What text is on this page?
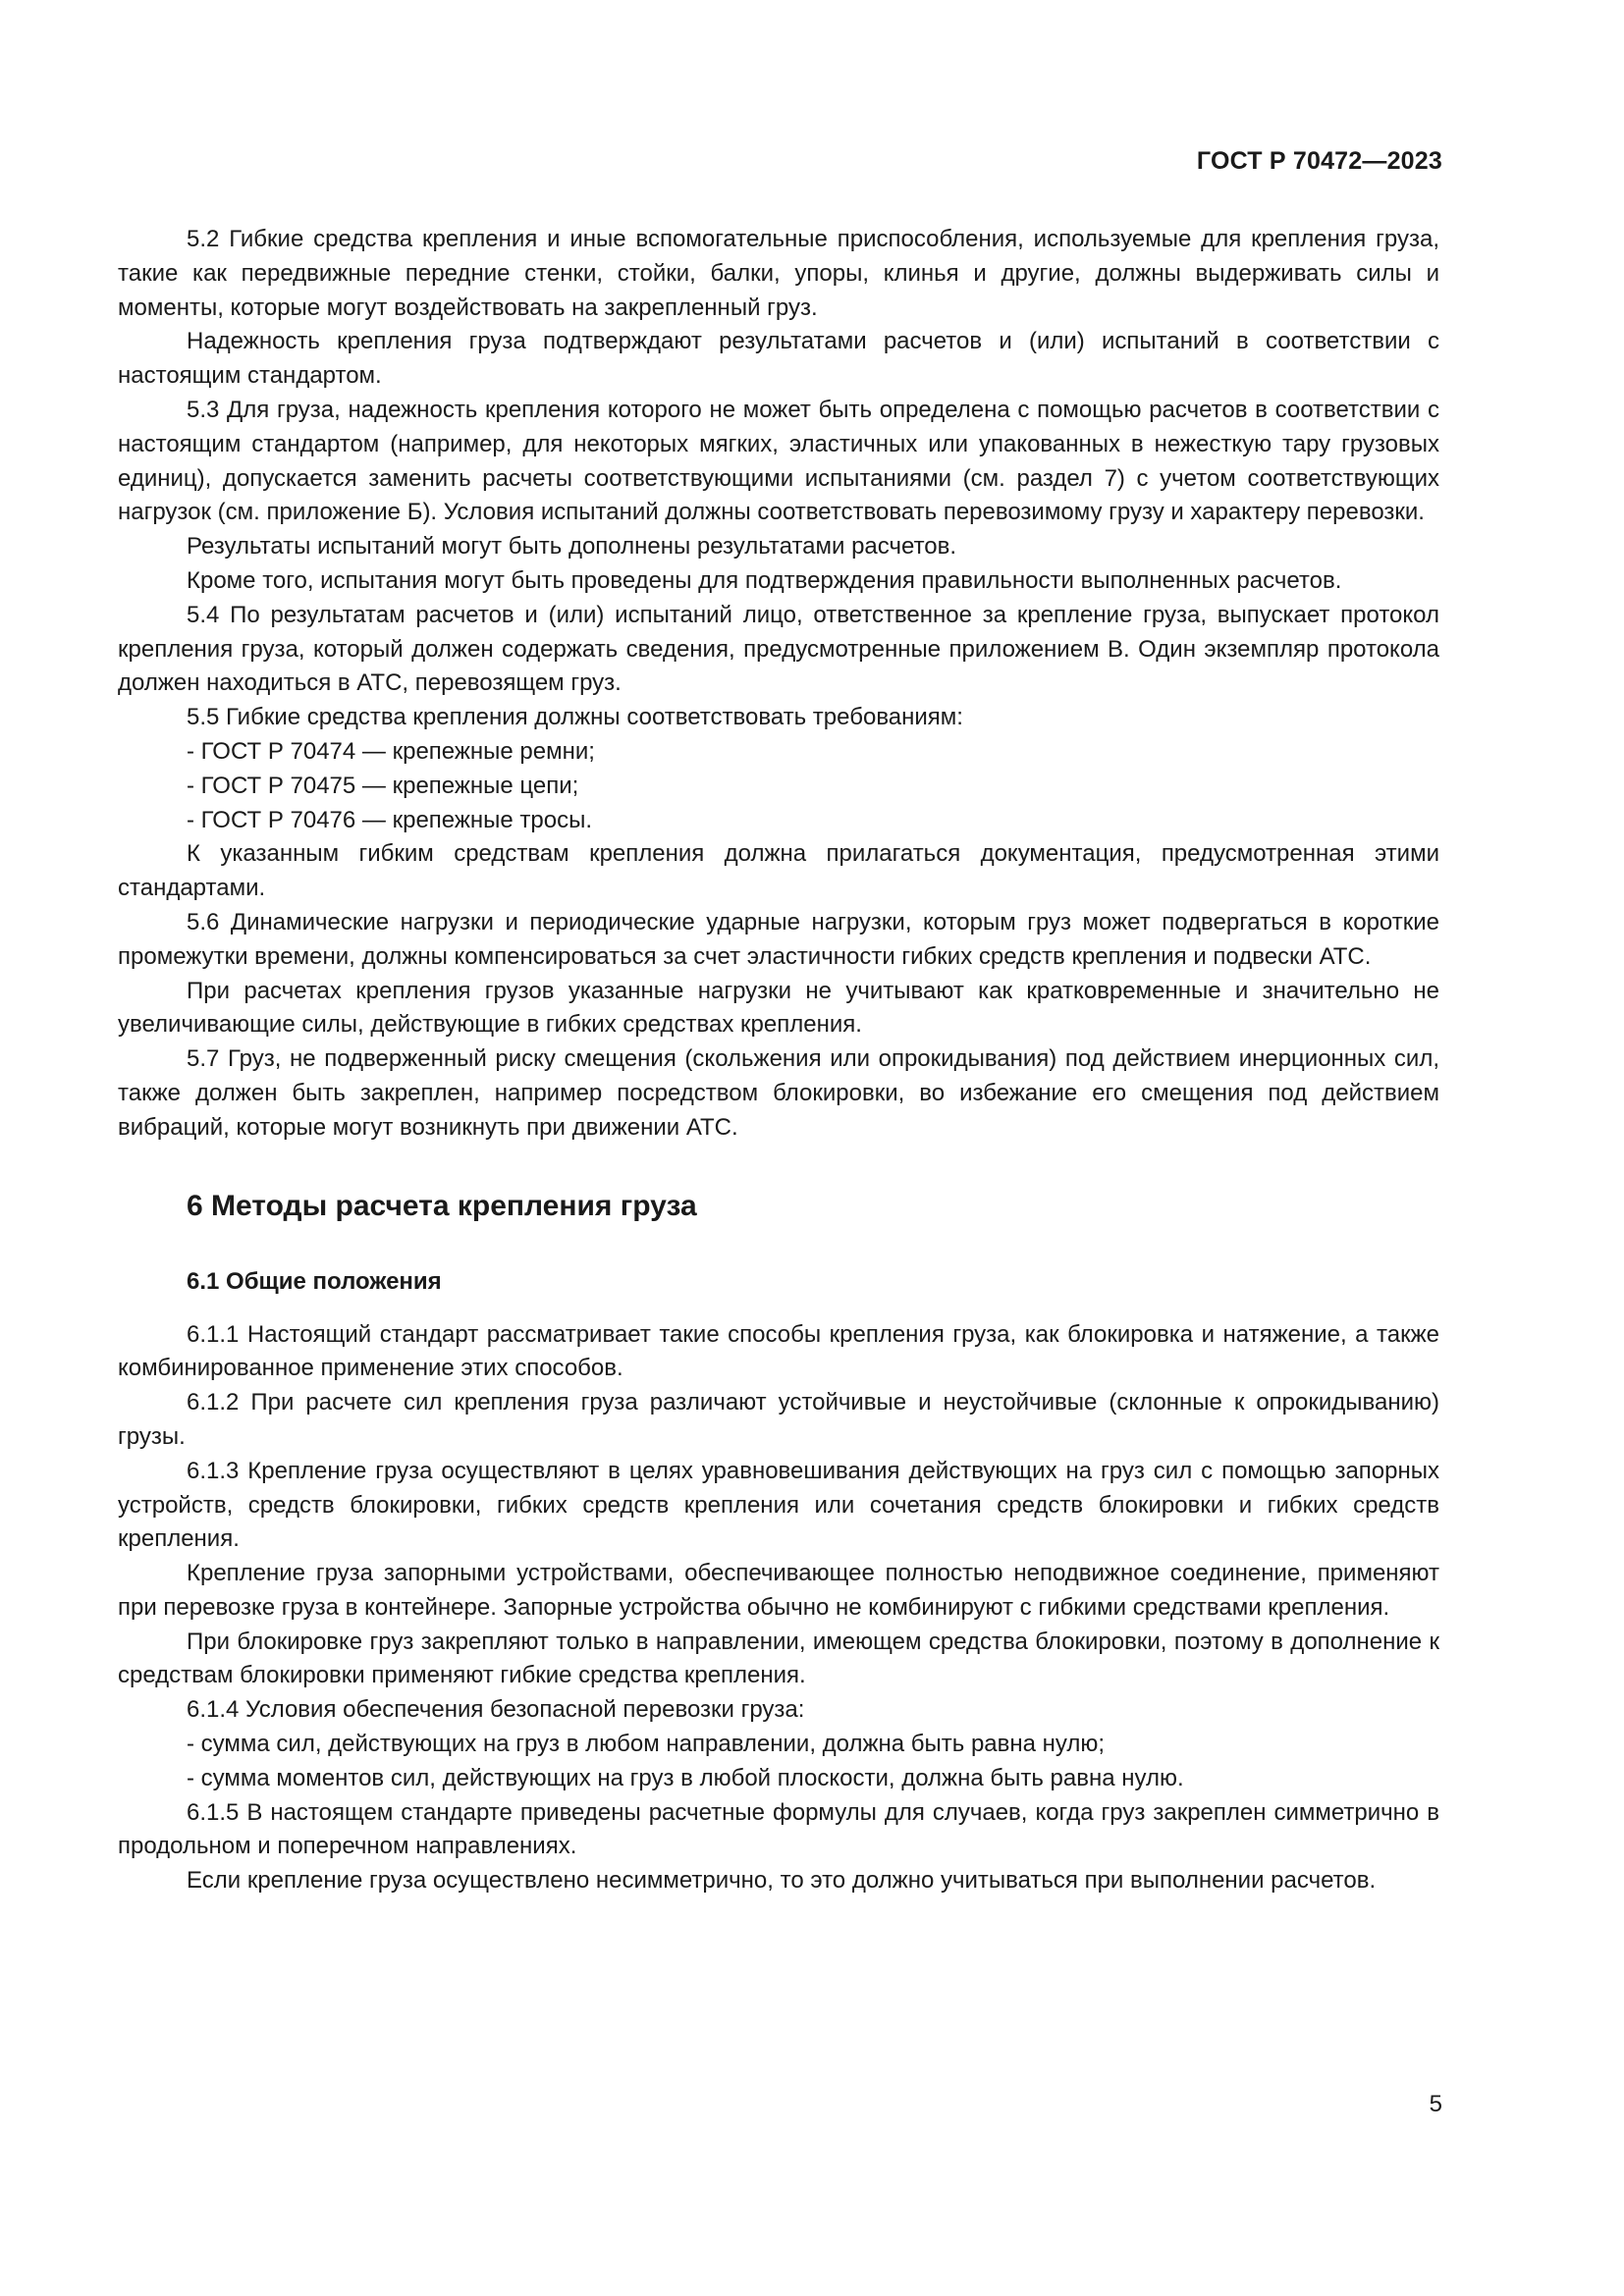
ГОСТ Р 70472—2023

5.2 Гибкие средства крепления и иные вспомогательные приспособления, используемые для крепления груза, такие как передвижные передние стенки, стойки, балки, упоры, клинья и другие, должны выдерживать силы и моменты, которые могут воздействовать на закрепленный груз.

Надежность крепления груза подтверждают результатами расчетов и (или) испытаний в соответствии с настоящим стандартом.

5.3 Для груза, надежность крепления которого не может быть определена с помощью расчетов в соответствии с настоящим стандартом (например, для некоторых мягких, эластичных или упакованных в нежесткую тару грузовых единиц), допускается заменить расчеты соответствующими испытаниями (см. раздел 7) с учетом соответствующих нагрузок (см. приложение Б). Условия испытаний должны соответствовать перевозимому грузу и характеру перевозки.

Результаты испытаний могут быть дополнены результатами расчетов.

Кроме того, испытания могут быть проведены для подтверждения правильности выполненных расчетов.

5.4 По результатам расчетов и (или) испытаний лицо, ответственное за крепление груза, выпускает протокол крепления груза, который должен содержать сведения, предусмотренные приложением В. Один экземпляр протокола должен находиться в АТС, перевозящем груз.

5.5 Гибкие средства крепления должны соответствовать требованиям:

- ГОСТ Р 70474 — крепежные ремни;

- ГОСТ Р 70475 — крепежные цепи;

- ГОСТ Р 70476 — крепежные тросы.

К указанным гибким средствам крепления должна прилагаться документация, предусмотренная этими стандартами.

5.6 Динамические нагрузки и периодические ударные нагрузки, которым груз может подвергаться в короткие промежутки времени, должны компенсироваться за счет эластичности гибких средств крепления и подвески АТС.

При расчетах крепления грузов указанные нагрузки не учитывают как кратковременные и значительно не увеличивающие силы, действующие в гибких средствах крепления.

5.7 Груз, не подверженный риску смещения (скольжения или опрокидывания) под действием инерционных сил, также должен быть закреплен, например посредством блокировки, во избежание его смещения под действием вибраций, которые могут возникнуть при движении АТС.

6 Методы расчета крепления груза
6.1 Общие положения

6.1.1 Настоящий стандарт рассматривает такие способы крепления груза, как блокировка и натяжение, а также комбинированное применение этих способов.

6.1.2 При расчете сил крепления груза различают устойчивые и неустойчивые (склонные к опрокидыванию) грузы.

6.1.3 Крепление груза осуществляют в целях уравновешивания действующих на груз сил с помощью запорных устройств, средств блокировки, гибких средств крепления или сочетания средств блокировки и гибких средств крепления.

Крепление груза запорными устройствами, обеспечивающее полностью неподвижное соединение, применяют при перевозке груза в контейнере. Запорные устройства обычно не комбинируют с гибкими средствами крепления.

При блокировке груз закрепляют только в направлении, имеющем средства блокировки, поэтому в дополнение к средствам блокировки применяют гибкие средства крепления.

6.1.4 Условия обеспечения безопасной перевозки груза:

- сумма сил, действующих на груз в любом направлении, должна быть равна нулю;

- сумма моментов сил, действующих на груз в любой плоскости, должна быть равна нулю.

6.1.5 В настоящем стандарте приведены расчетные формулы для случаев, когда груз закреплен симметрично в продольном и поперечном направлениях.

Если крепление груза осуществлено несимметрично, то это должно учитываться при выполнении расчетов.

5
